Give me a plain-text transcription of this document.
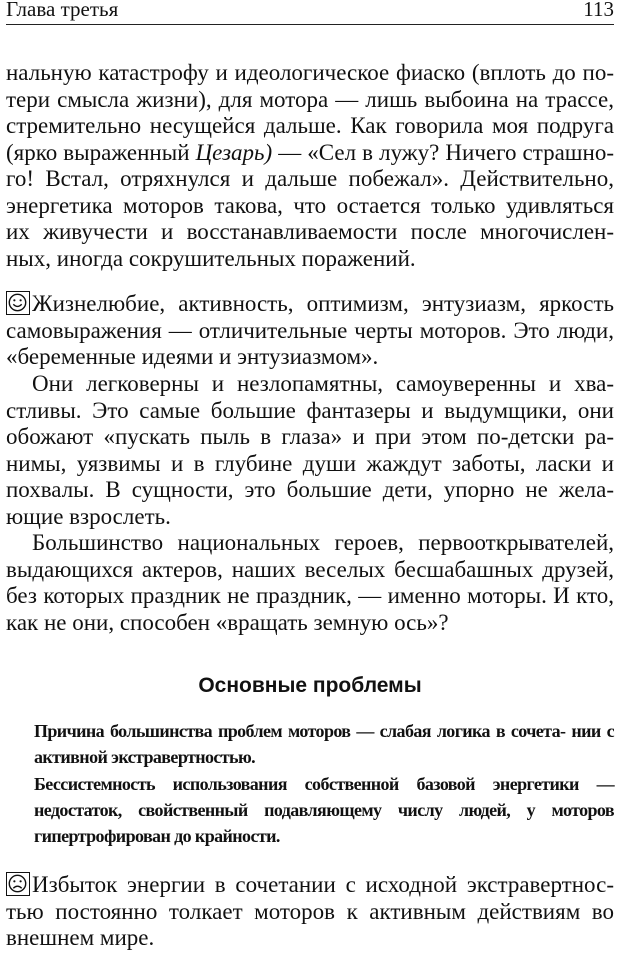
Глава третья	113
нальную катастрофу и идеологическое фиаско (вплоть до по- тери смысла жизни), для мотора — лишь выбоина на трассе, стремительно несущейся дальше. Как говорила моя подруга (ярко выраженный Цезарь) — «Сел в лужу? Ничего страшно- го! Встал, отряхнулся и дальше побежал». Действительно, энергетика моторов такова, что остается только удивляться их живучести и восстанавливаемости после многочислен- ных, иногда сокрушительных поражений.
Жизнелюбие, активность, оптимизм, энтузиазм, яркость самовыражения — отличительные черты моторов. Это люди, «беременные идеями и энтузиазмом».
Они легковерны и незлопамятны, самоуверенны и хва- стливы. Это самые большие фантазеры и выдумщики, они обожают «пускать пыль в глаза» и при этом по-детски ра- нимы, уязвимы и в глубине души жаждут заботы, ласки и похвалы. В сущности, это большие дети, упорно не жела- ющие взрослеть.
Большинство национальных героев, первооткрывателей, выдающихся актеров, наших веселых бесшабашных друзей, без которых праздник не праздник, — именно моторы. И кто, как не они, способен «вращать земную ось»?
Основные проблемы
Причина большинства проблем моторов — слабая логика в сочета- нии с активной экстравертностью.
Бессистемность использования собственной базовой энергетики — недостаток, свойственный подавляющему числу людей, у моторов гипертрофирован до крайности.
Избыток энергии в сочетании с исходной экстравертнос- тью постоянно толкает моторов к активным действиям во внешнем мире.
